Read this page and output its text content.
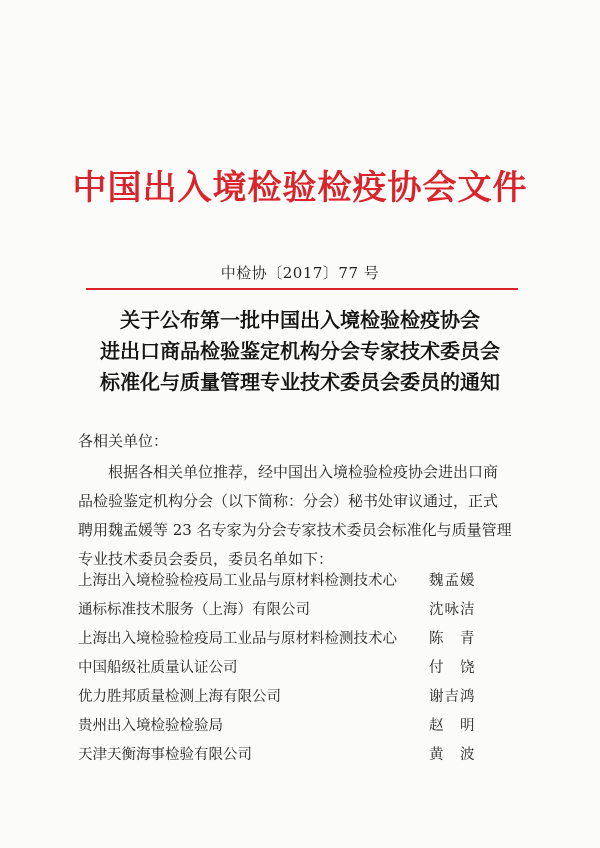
中国出入境检验检疫协会文件
中检协〔2017〕77 号
关于公布第一批中国出入境检验检疫协会
进出口商品检验鉴定机构分会专家技术委员会
标准化与质量管理专业技术委员会委员的通知
各相关单位：
根据各相关单位推荐，经中国出入境检验检疫协会进出口商
品检验鉴定机构分会（以下简称：分会）秘书处审议通过，正式
聘用魏孟媛等 23 名专家为分会专家技术委员会标准化与质量管理
专业技术委员会委员，委员名单如下：
上海出入境检验检疫局工业品与原材料检测技术心 魏孟媛
通标标准技术服务（上海）有限公司	沈咏洁
上海出入境检验检疫局工业品与原材料检测技术心 陈　青
中国船级社质量认证公司	付　饶
优力胜邦质量检测上海有限公司	谢吉鸿
贵州出入境检验检验局	赵　明
天津天衡海事检验有限公司	黄　波
